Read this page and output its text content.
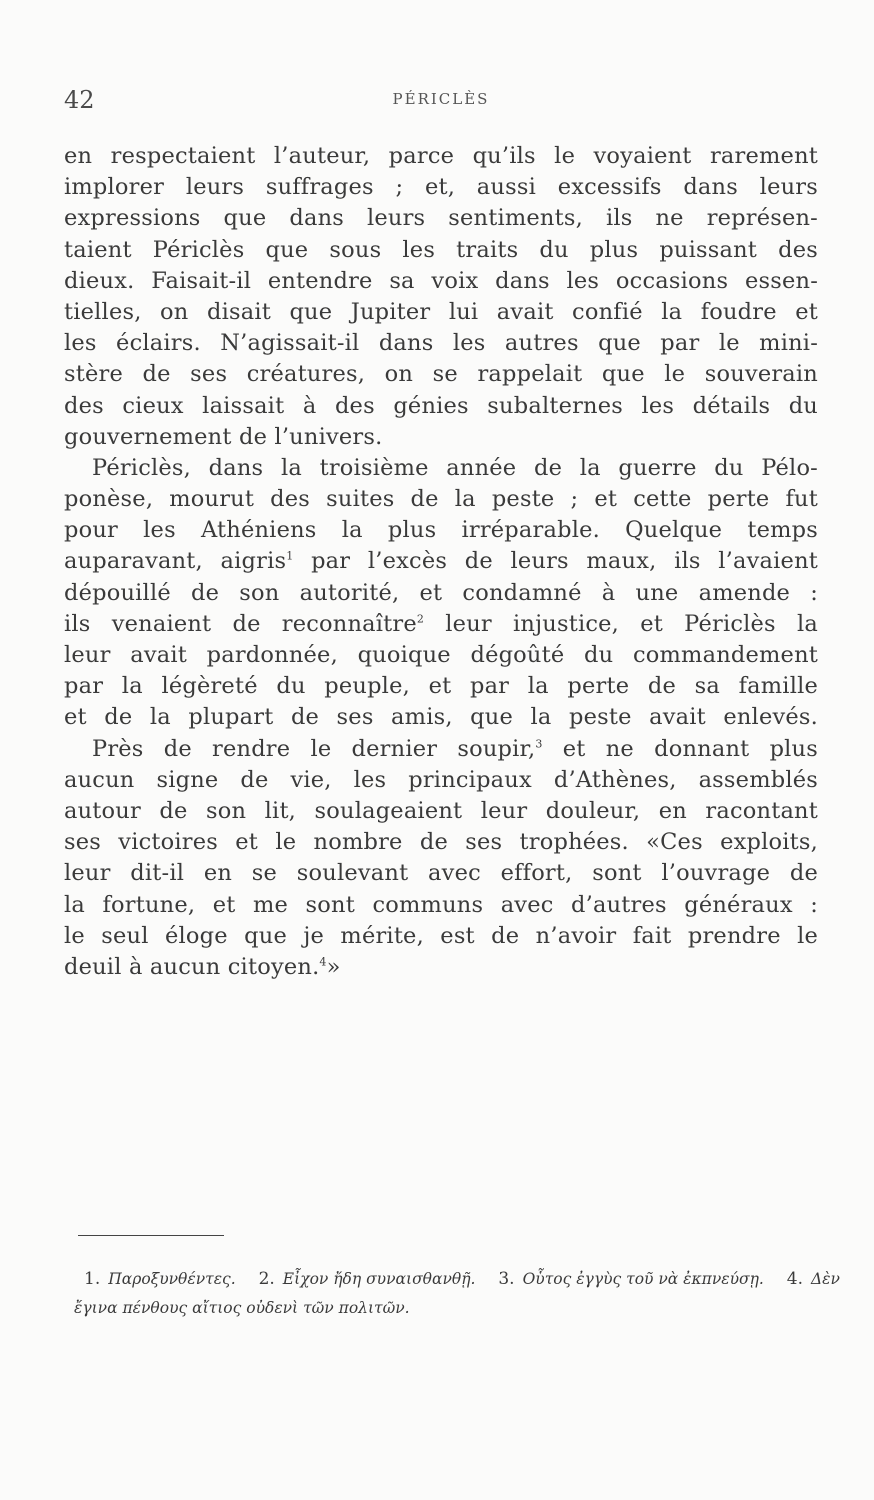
42	PÉRICLÈS
en respectaient l’auteur, parce qu’ils le voyaient rarement
implorer leurs suffrages ; et, aussi excessifs dans leurs
expressions que dans leurs sentiments, ils ne représen-
taient Périclès que sous les traits du plus puissant des
dieux. Faisait-il entendre sa voix dans les occasions essen-
tielles, on disait que Jupiter lui avait confié la foudre et
les éclairs. N’agissait-il dans les autres que par le mini-
stère de ses créatures, on se rappelait que le souverain
des cieux laissait à des génies subalternes les détails du
gouvernement de l’univers.
Périclès, dans la troisième année de la guerre du Pélo-
ponèse, mourut des suites de la peste ; et cette perte fut
pour les Athéniens la plus irréparable. Quelque temps
auparavant, aigris$^1$ par l’excès de leurs maux, ils l’avaient
dépouillé de son autorité, et condamné à une amende :
ils venaient de reconnaître$^2$ leur injustice, et Périclès la
leur avait pardonnée, quoique dégoûté du commandement
par la légèreté du peuple, et par la perte de sa famille
et de la plupart de ses amis, que la peste avait enlevés.
Près de rendre le dernier soupir,$^3$ et ne donnant plus
aucun signe de vie, les principaux d’Athènes, assemblés
autour de son lit, soulageaient leur douleur, en racontant
ses victoires et le nombre de ses trophées. «Ces exploits,
leur dit-il en se soulevant avec effort, sont l’ouvrage de
la fortune, et me sont communs avec d’autres généraux :
le seul éloge que je mérite, est de n’avoir fait prendre le
deuil à aucun citoyen.$^4$»
1. Παροξυνθέντες. 2. Εἶχον ἤδη συναισθανθῇ. 3. Οὗτος ἐγγὺς τοῦ νὰ ἐκπνεύσῃ. 4. Δὲν
ἔγινα πένθους αἴτιος οὐδενὶ τῶν πολιτῶν.
